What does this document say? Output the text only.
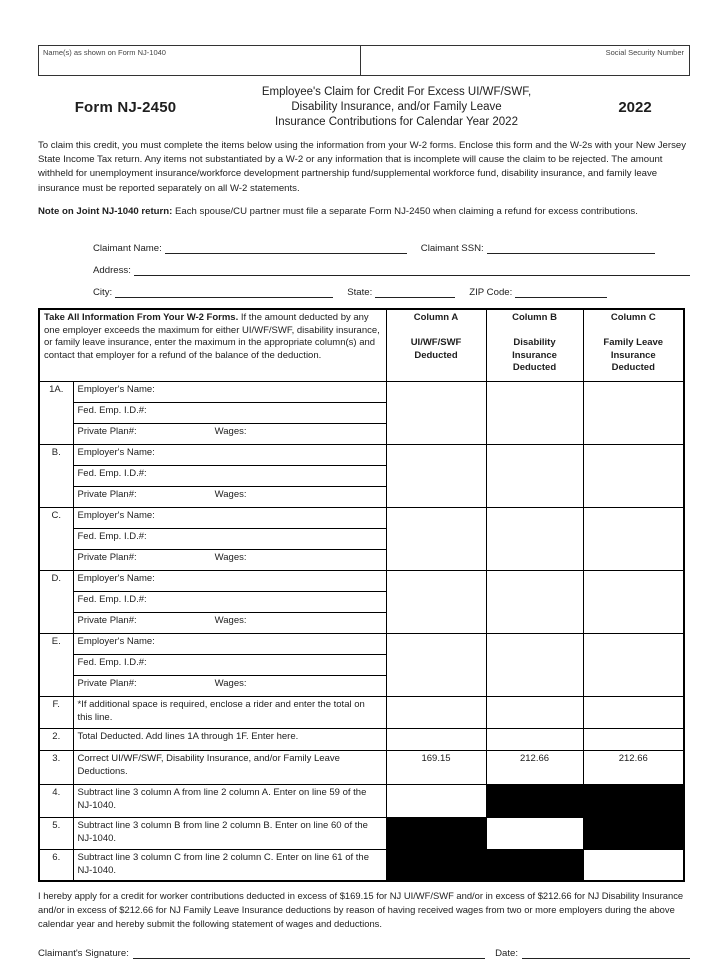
Name(s) as shown on Form NJ-1040	Social Security Number
Form NJ-2450
Employee's Claim for Credit For Excess UI/WF/SWF,
Disability Insurance, and/or Family Leave
Insurance Contributions for Calendar Year 2022
2022

To claim this credit, you must complete the items below using the information from your W-2 forms. Enclose this form and the W-2s with your New Jersey State Income Tax return. Any items not substantiated by a W-2 or any information that is incomplete will cause the claim to be rejected. The amount withheld for unemployment insurance/workforce development partnership fund/supplemental workforce fund, disability insurance, and family leave insurance must be reported separately on all W-2 statements.

Note on Joint NJ-1040 return: Each spouse/CU partner must file a separate Form NJ-2450 when claiming a refund for excess contributions.

Claimant Name:	Claimant SSN:
Address:
City:	State:	ZIP Code:
Take All Information From Your W-2 Forms. If the amount deducted by any one employer exceeds the maximum for either UI/WF/SWF, disability insurance, or family leave insurance, enter the maximum in the appropriate column(s) and contact that employer for a refund of the balance of the deduction.	
Column A
UI/WF/SWF
Deducted

Column B
Disability
Insurance
Deducted

Column C
Family Leave
Insurance
Deducted

1A.	Employer's Name:			
	Fed. Emp. I.D.#:			

	Private Plan#: Wages:			

B.	Employer's Name:			
	Fed. Emp. I.D.#:			

	Private Plan#: Wages:			

C.	Employer's Name:			
	Fed. Emp. I.D.#:			

	Private Plan#: Wages:			

D.	Employer's Name:			
	Fed. Emp. I.D.#:			

	Private Plan#: Wages:			

E.	Employer's Name:			
	Fed. Emp. I.D.#:			

	Private Plan#: Wages:			

F.	*If additional space is required, enclose a rider and enter the total on this line.			
2.	Total Deducted. Add lines 1A through 1F. Enter here.			
3.	Correct UI/WF/SWF, Disability Insurance, and/or Family Leave Deductions.	169.15	212.66	212.66
4.	Subtract line 3 column A from line 2 column A. Enter on line 59 of the NJ-1040.			
5.	Subtract line 3 column B from line 2 column B. Enter on line 60 of the NJ-1040.			
6.	Subtract line 3 column C from line 2 column C. Enter on line 61 of the NJ-1040.			

I hereby apply for a credit for worker contributions deducted in excess of $169.15 for NJ UI/WF/SWF and/or in excess of $212.66 for NJ Disability Insurance and/or in excess of $212.66 for NJ Family Leave Insurance deductions by reason of having received wages from two or more employers during the above calendar year and hereby submit the following statement of wages and deductions.

Claimant's Signature:	Date:
